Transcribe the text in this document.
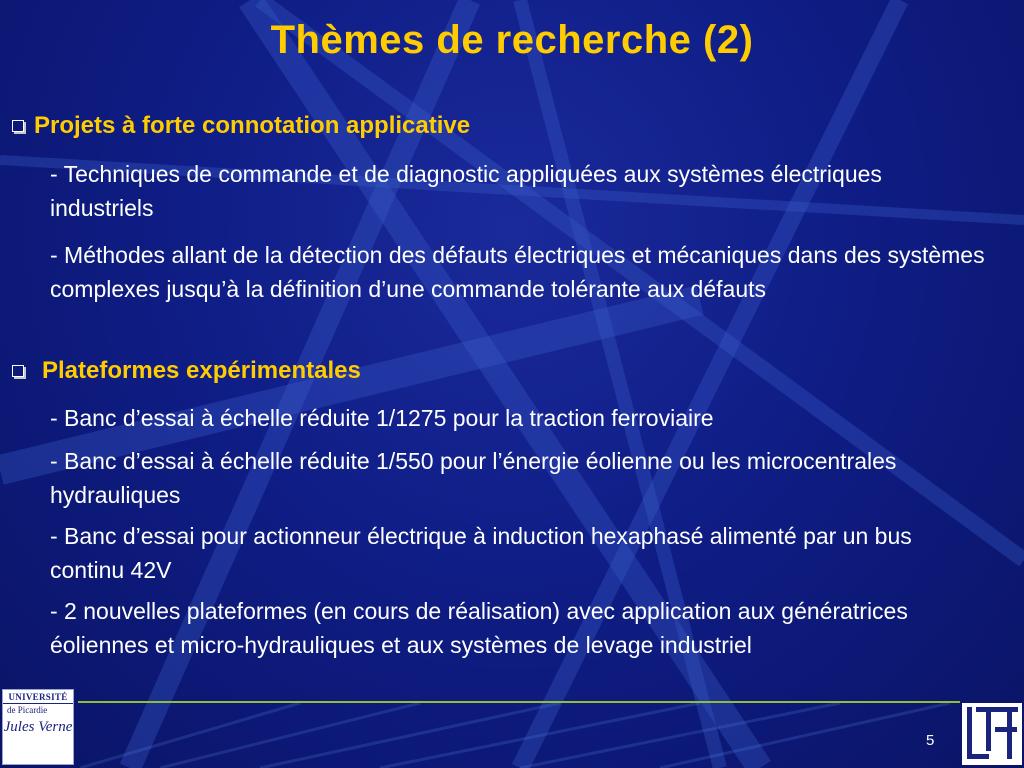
Thèmes de recherche (2)
Projets à forte connotation applicative
- Techniques de commande et de diagnostic appliquées aux systèmes électriques industriels
- Méthodes allant de la détection des défauts électriques et mécaniques dans des systèmes complexes jusqu’à la définition d’une commande tolérante aux défauts
Plateformes expérimentales
- Banc d’essai à échelle réduite 1/1275 pour la traction ferroviaire
- Banc d’essai à échelle réduite 1/550 pour l’énergie éolienne ou les microcentrales hydrauliques
- Banc d’essai pour actionneur électrique à induction hexaphasé alimenté par un bus continu 42V
- 2 nouvelles plateformes (en cours de réalisation) avec application aux génératrices éoliennes et micro-hydrauliques et aux systèmes de levage industriel
UNIVERSITÉ
de Picardie
Jules Verne
5
